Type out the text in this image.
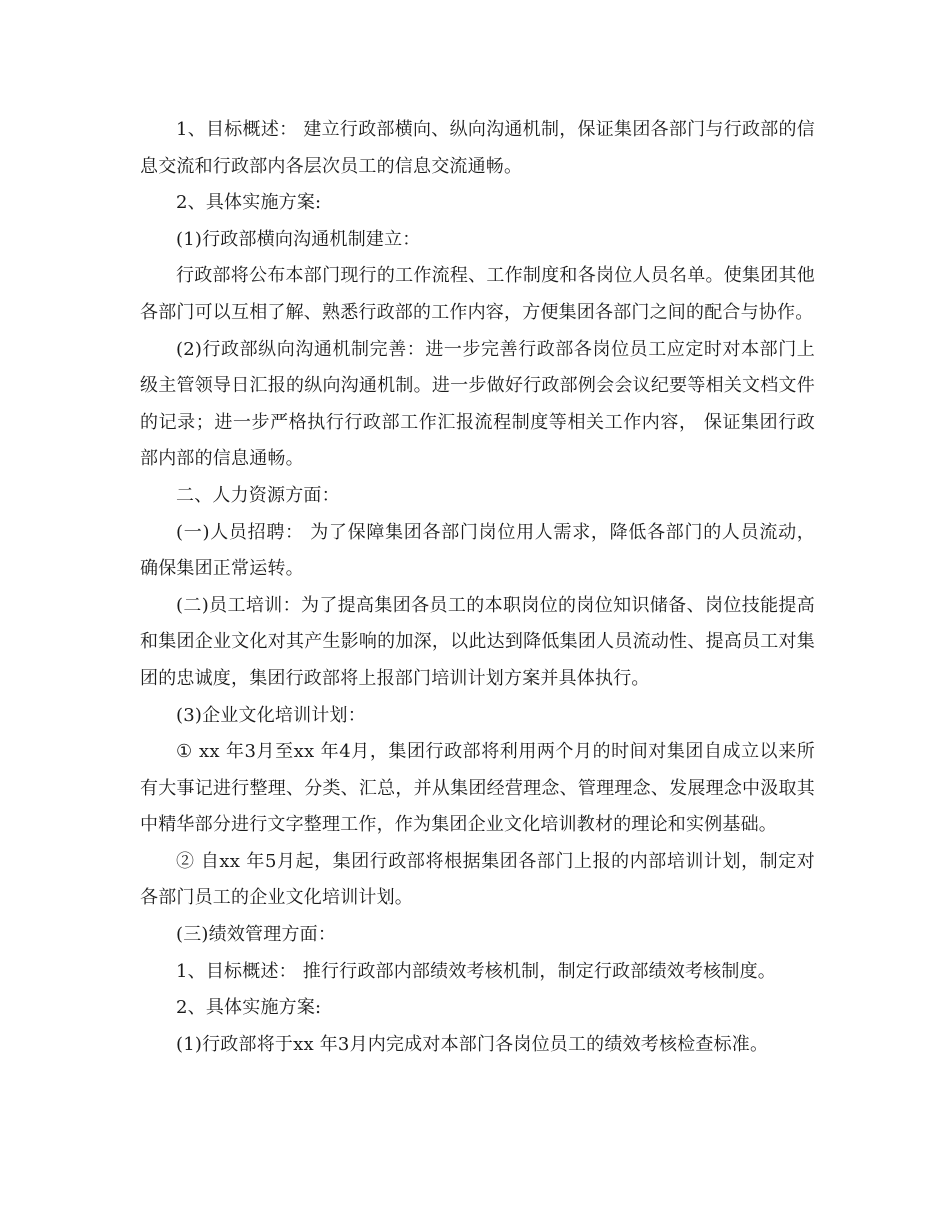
1、目标概述： 建立行政部横向、纵向沟通机制，保证集团各部门与行政部的信息交流和行政部内各层次员工的信息交流通畅。

2、具体实施方案:

(1)行政部横向沟通机制建立：

行政部将公布本部门现行的工作流程、工作制度和各岗位人员名单。使集团其他各部门可以互相了解、熟悉行政部的工作内容，方便集团各部门之间的配合与协作。

(2)行政部纵向沟通机制完善：进一步完善行政部各岗位员工应定时对本部门上级主管领导日汇报的纵向沟通机制。进一步做好行政部例会会议纪要等相关文档文件的记录；进一步严格执行行政部工作汇报流程制度等相关工作内容， 保证集团行政部内部的信息通畅。

二、人力资源方面：

(一)人员招聘： 为了保障集团各部门岗位用人需求，降低各部门的人员流动，确保集团正常运转。

(二)员工培训：为了提高集团各员工的本职岗位的岗位知识储备、岗位技能提高和集团企业文化对其产生影响的加深，以此达到降低集团人员流动性、提高员工对集团的忠诚度，集团行政部将上报部门培训计划方案并具体执行。

(3)企业文化培训计划：

① xx 年3月至xx 年4月，集团行政部将利用两个月的时间对集团自成立以来所有大事记进行整理、分类、汇总，并从集团经营理念、管理理念、发展理念中汲取其中精华部分进行文字整理工作，作为集团企业文化培训教材的理论和实例基础。

② 自xx 年5月起，集团行政部将根据集团各部门上报的内部培训计划，制定对各部门员工的企业文化培训计划。

(三)绩效管理方面：

1、目标概述： 推行行政部内部绩效考核机制，制定行政部绩效考核制度。

2、具体实施方案:

(1)行政部将于xx 年3月内完成对本部门各岗位员工的绩效考核检查标准。
